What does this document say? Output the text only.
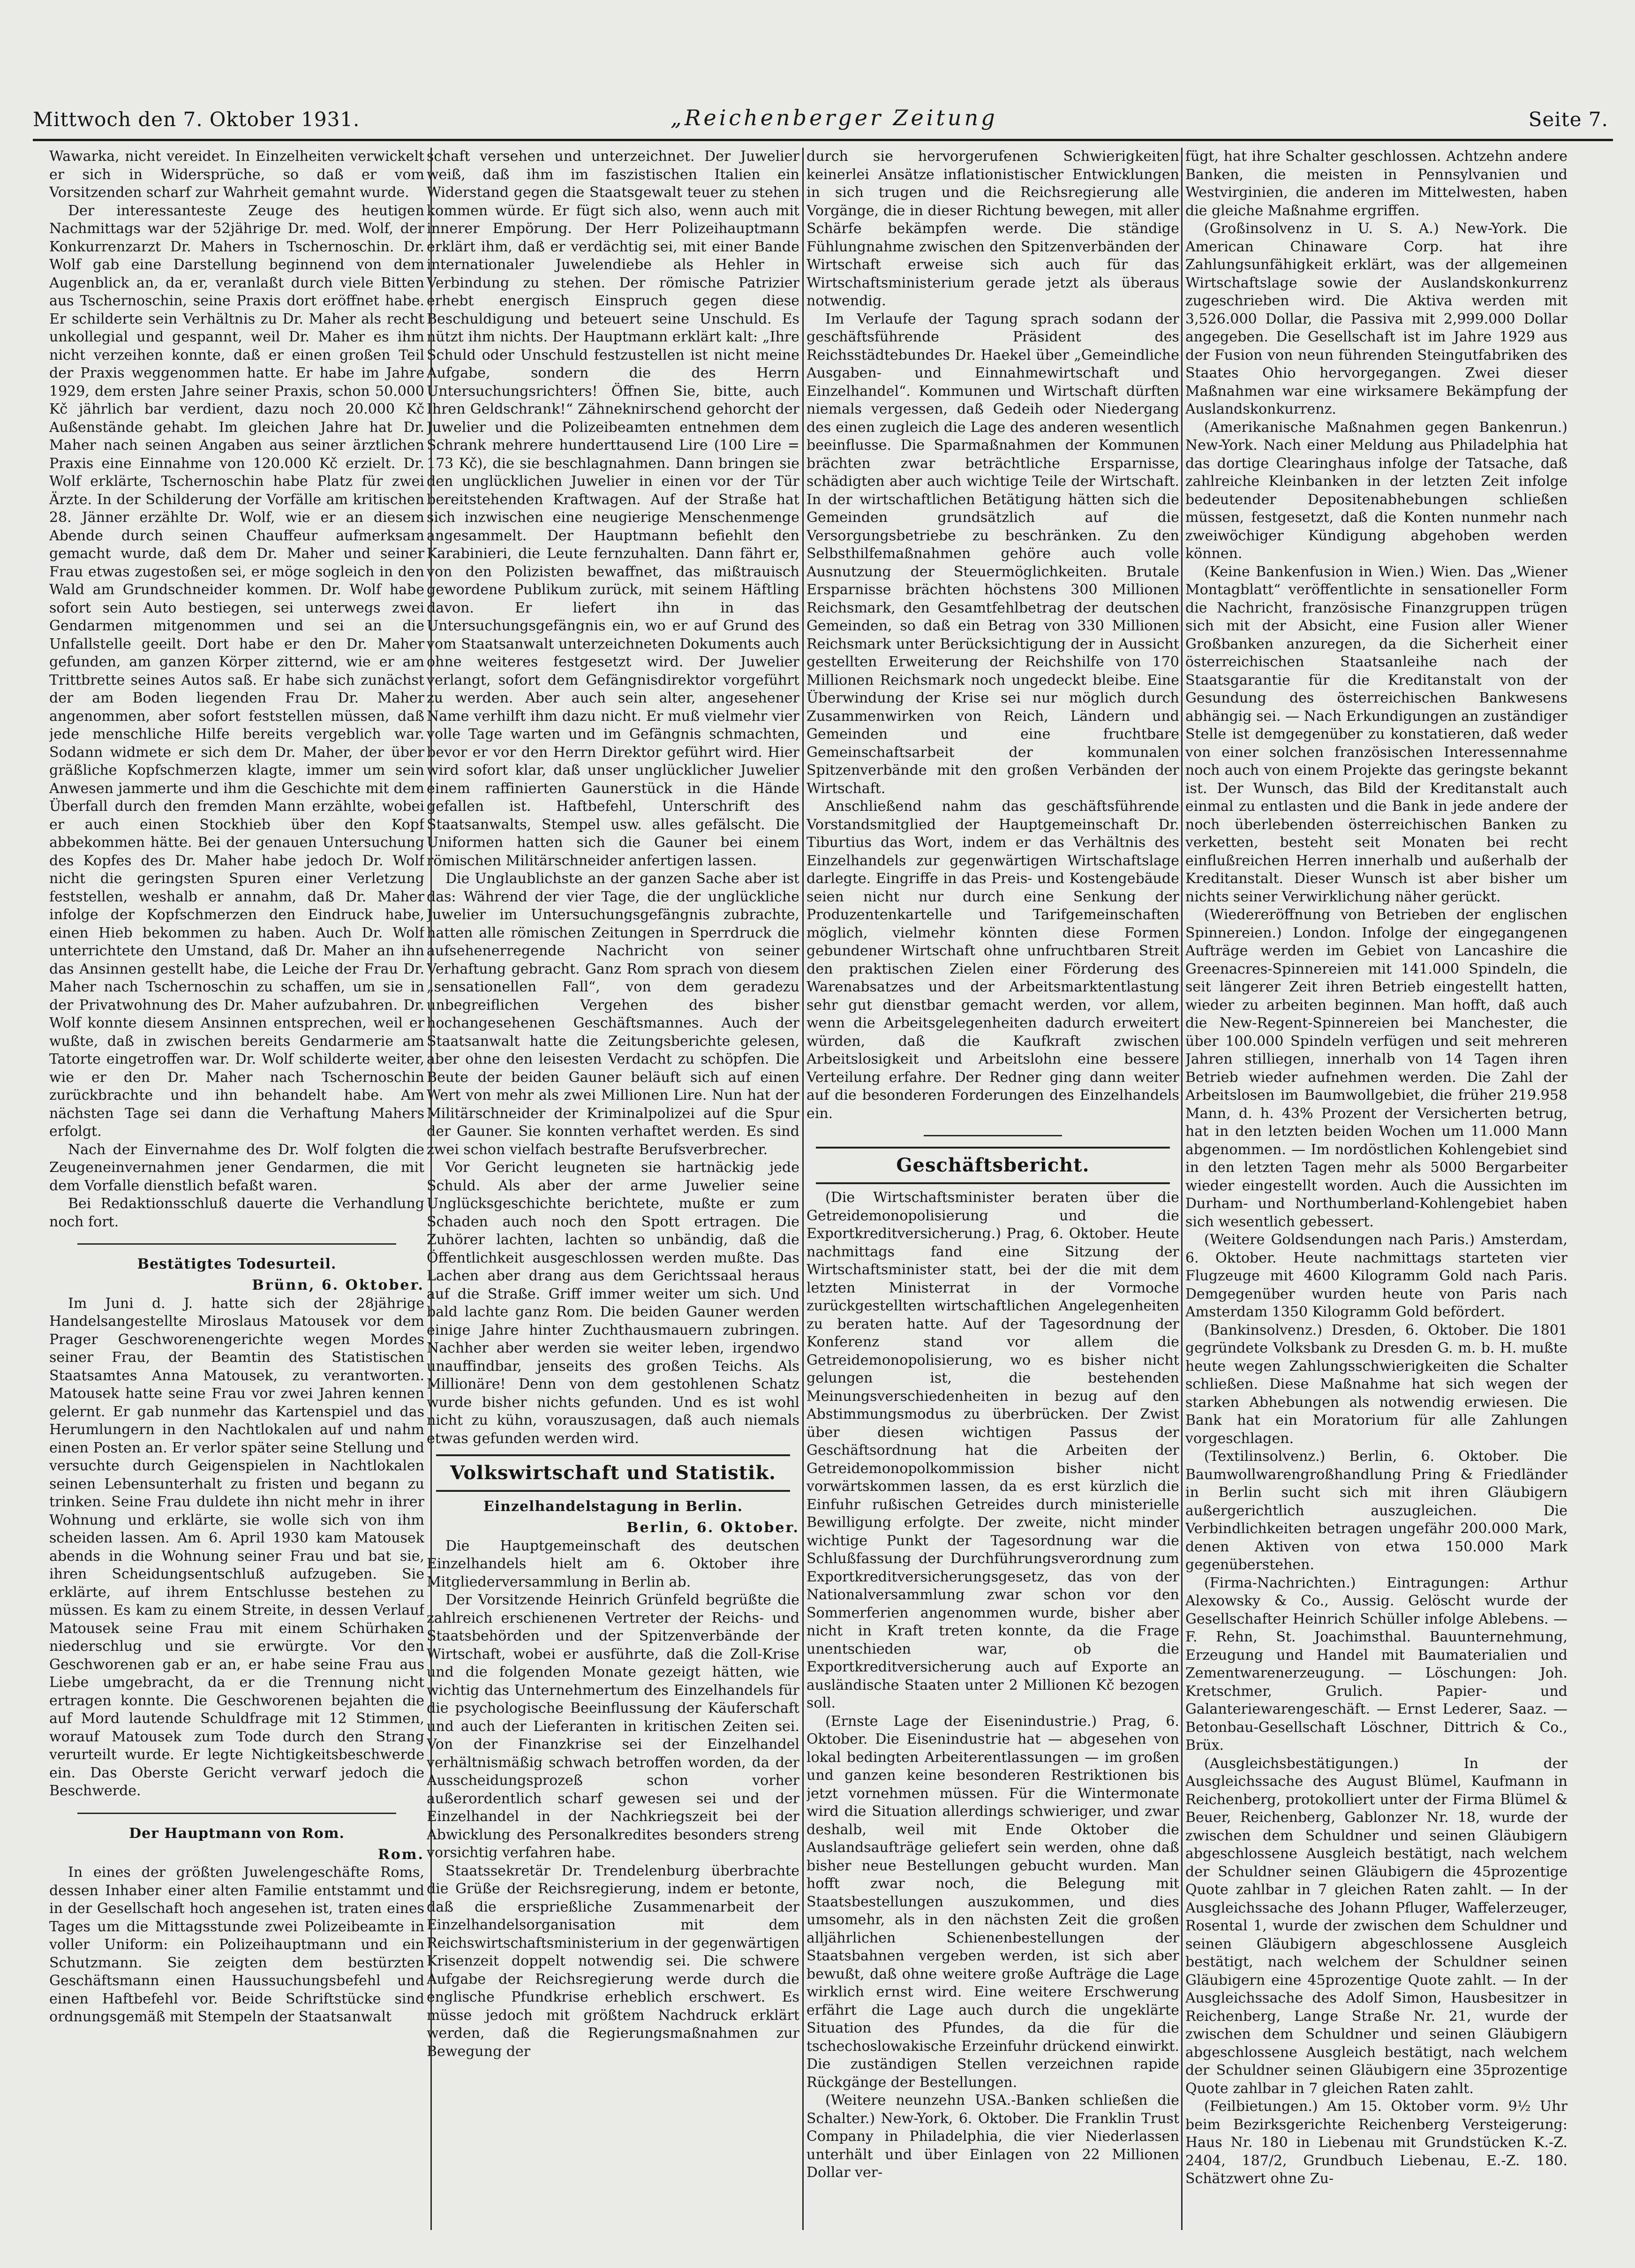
Mittwoch den 7. Oktober 1931.	„Reichenberger Zeitung	Seite 7.

Wawarka, nicht vereidet. In Einzelheiten verwickelt er sich in Widersprüche, so daß er vom Vorsitzenden scharf zur Wahrheit gemahnt wurde.

Der interessanteste Zeuge des heutigen Nachmittags war der 52jährige Dr. med. Wolf, der Konkurrenzarzt Dr. Mahers in Tschernoschin. Dr. Wolf gab eine Darstellung beginnend von dem Augenblick an, da er, veranlaßt durch viele Bitten aus Tschernoschin, seine Praxis dort eröffnet habe. Er schilderte sein Verhältnis zu Dr. Maher als recht unkollegial und gespannt, weil Dr. Maher es ihm nicht verzeihen konnte, daß er einen großen Teil der Praxis weggenommen hatte. Er habe im Jahre 1929, dem ersten Jahre seiner Praxis, schon 50.000 Kč jährlich bar verdient, dazu noch 20.000 Kč Außenstände gehabt. Im gleichen Jahre hat Dr. Maher nach seinen Angaben aus seiner ärztlichen Praxis eine Einnahme von 120.000 Kč erzielt. Dr. Wolf erklärte, Tschernoschin habe Platz für zwei Ärzte. In der Schilderung der Vorfälle am kritischen 28. Jänner erzählte Dr. Wolf, wie er an diesem Abende durch seinen Chauffeur aufmerksam gemacht wurde, daß dem Dr. Maher und seiner Frau etwas zugestoßen sei, er möge sogleich in den Wald am Grundschneider kommen. Dr. Wolf habe sofort sein Auto bestiegen, sei unterwegs zwei Gendarmen mitgenommen und sei an die Unfallstelle geeilt. Dort habe er den Dr. Maher gefunden, am ganzen Körper zitternd, wie er am Trittbrette seines Autos saß. Er habe sich zunächst der am Boden liegenden Frau Dr. Maher angenommen, aber sofort feststellen müssen, daß jede menschliche Hilfe bereits vergeblich war. Sodann widmete er sich dem Dr. Maher, der über gräßliche Kopfschmerzen klagte, immer um sein Anwesen jammerte und ihm die Geschichte mit dem Überfall durch den fremden Mann erzählte, wobei er auch einen Stockhieb über den Kopf abbekommen hätte. Bei der genauen Untersuchung des Kopfes des Dr. Maher habe jedoch Dr. Wolf nicht die geringsten Spuren einer Verletzung feststellen, weshalb er annahm, daß Dr. Maher infolge der Kopfschmerzen den Eindruck habe, einen Hieb bekommen zu haben. Auch Dr. Wolf unterrichtete den Umstand, daß Dr. Maher an ihn das Ansinnen gestellt habe, die Leiche der Frau Dr. Maher nach Tschernoschin zu schaffen, um sie in der Privatwohnung des Dr. Maher aufzubahren. Dr. Wolf konnte diesem Ansinnen entsprechen, weil er wußte, daß in zwischen bereits Gendarmerie am Tatorte eingetroffen war. Dr. Wolf schilderte weiter, wie er den Dr. Maher nach Tschernoschin zurückbrachte und ihn behandelt habe. Am nächsten Tage sei dann die Verhaftung Mahers erfolgt.

Nach der Einvernahme des Dr. Wolf folgten die Zeugeneinvernahmen jener Gendarmen, die mit dem Vorfalle dienstlich befaßt waren.

Bei Redaktionsschluß dauerte die Verhandlung noch fort.

Bestätigtes Todesurteil.

Brünn, 6. Oktober.

Im Juni d. J. hatte sich der 28jährige Handelsangestellte Miroslaus Matousek vor dem Prager Geschworenengerichte wegen Mordes seiner Frau, der Beamtin des Statistischen Staatsamtes Anna Matousek, zu verantworten. Matousek hatte seine Frau vor zwei Jahren kennen gelernt. Er gab nunmehr das Kartenspiel und das Herumlungern in den Nachtlokalen auf und nahm einen Posten an. Er verlor später seine Stellung und versuchte durch Geigenspielen in Nachtlokalen seinen Lebensunterhalt zu fristen und begann zu trinken. Seine Frau duldete ihn nicht mehr in ihrer Wohnung und erklärte, sie wolle sich von ihm scheiden lassen. Am 6. April 1930 kam Matousek abends in die Wohnung seiner Frau und bat sie, ihren Scheidungsentschluß aufzugeben. Sie erklärte, auf ihrem Entschlusse bestehen zu müssen. Es kam zu einem Streite, in dessen Verlauf Matousek seine Frau mit einem Schürhaken niederschlug und sie erwürgte. Vor den Geschworenen gab er an, er habe seine Frau aus Liebe umgebracht, da er die Trennung nicht ertragen konnte. Die Geschworenen bejahten die auf Mord lautende Schuldfrage mit 12 Stimmen, worauf Matousek zum Tode durch den Strang verurteilt wurde. Er legte Nichtigkeitsbeschwerde ein. Das Oberste Gericht verwarf jedoch die Beschwerde.

Der Hauptmann von Rom.

Rom.

In eines der größten Juwelengeschäfte Roms, dessen Inhaber einer alten Familie entstammt und in der Gesellschaft hoch angesehen ist, traten eines Tages um die Mittagsstunde zwei Polizeibeamte in voller Uniform: ein Polizeihauptmann und ein Schutzmann. Sie zeigten dem bestürzten Geschäftsmann einen Haussuchungsbefehl und einen Haftbefehl vor. Beide Schriftstücke sind ordnungsgemäß mit Stempeln der Staatsanwalt

schaft versehen und unterzeichnet. Der Juwelier weiß, daß ihm im faszistischen Italien ein Widerstand gegen die Staatsgewalt teuer zu stehen kommen würde. Er fügt sich also, wenn auch mit innerer Empörung. Der Herr Polizeihauptmann erklärt ihm, daß er verdächtig sei, mit einer Bande internationaler Juwelendiebe als Hehler in Verbindung zu stehen. Der römische Patrizier erhebt energisch Einspruch gegen diese Beschuldigung und beteuert seine Unschuld. Es nützt ihm nichts. Der Hauptmann erklärt kalt: „Ihre Schuld oder Unschuld festzustellen ist nicht meine Aufgabe, sondern die des Herrn Untersuchungsrichters! Öffnen Sie, bitte, auch Ihren Geldschrank!“ Zähneknirschend gehorcht der Juwelier und die Polizeibeamten entnehmen dem Schrank mehrere hunderttausend Lire (100 Lire = 173 Kč), die sie beschlagnahmen. Dann bringen sie den unglücklichen Juwelier in einen vor der Tür bereitstehenden Kraftwagen. Auf der Straße hat sich inzwischen eine neugierige Menschenmenge angesammelt. Der Hauptmann befiehlt den Karabinieri, die Leute fernzuhalten. Dann fährt er, von den Polizisten bewaffnet, das mißtrauisch gewordene Publikum zurück, mit seinem Häftling davon. Er liefert ihn in das Untersuchungsgefängnis ein, wo er auf Grund des vom Staatsanwalt unterzeichneten Dokuments auch ohne weiteres festgesetzt wird. Der Juwelier verlangt, sofort dem Gefängnisdirektor vorgeführt zu werden. Aber auch sein alter, angesehener Name verhilft ihm dazu nicht. Er muß vielmehr vier volle Tage warten und im Gefängnis schmachten, bevor er vor den Herrn Direktor geführt wird. Hier wird sofort klar, daß unser unglücklicher Juwelier einem raffinierten Gaunerstück in die Hände gefallen ist. Haftbefehl, Unterschrift des Staatsanwalts, Stempel usw. alles gefälscht. Die Uniformen hatten sich die Gauner bei einem römischen Militärschneider anfertigen lassen.

Die Unglaublichste an der ganzen Sache aber ist das: Während der vier Tage, die der unglückliche Juwelier im Untersuchungsgefängnis zubrachte, hatten alle römischen Zeitungen in Sperrdruck die aufsehenerregende Nachricht von seiner Verhaftung gebracht. Ganz Rom sprach von diesem „sensationellen Fall“, von dem geradezu unbegreiflichen Vergehen des bisher hochangesehenen Geschäftsmannes. Auch der Staatsanwalt hatte die Zeitungsberichte gelesen, aber ohne den leisesten Verdacht zu schöpfen. Die Beute der beiden Gauner beläuft sich auf einen Wert von mehr als zwei Millionen Lire. Nun hat der Militärschneider der Kriminalpolizei auf die Spur der Gauner. Sie konnten verhaftet werden. Es sind zwei schon vielfach bestrafte Berufsverbrecher.

Vor Gericht leugneten sie hartnäckig jede Schuld. Als aber der arme Juwelier seine Unglücksgeschichte berichtete, mußte er zum Schaden auch noch den Spott ertragen. Die Zuhörer lachten, lachten so unbändig, daß die Öffentlichkeit ausgeschlossen werden mußte. Das Lachen aber drang aus dem Gerichtssaal heraus auf die Straße. Griff immer weiter um sich. Und bald lachte ganz Rom. Die beiden Gauner werden einige Jahre hinter Zuchthausmauern zubringen. Nachher aber werden sie weiter leben, irgendwo unauffindbar, jenseits des großen Teichs. Als Millionäre! Denn von dem gestohlenen Schatz wurde bisher nichts gefunden. Und es ist wohl nicht zu kühn, vorauszusagen, daß auch niemals etwas gefunden werden wird.

Volkswirtschaft und Statistik.
Einzelhandelstagung in Berlin.

Berlin, 6. Oktober.

Die Hauptgemeinschaft des deutschen Einzelhandels hielt am 6. Oktober ihre Mitgliederversammlung in Berlin ab.

Der Vorsitzende Heinrich Grünfeld begrüßte die zahlreich erschienenen Vertreter der Reichs- und Staatsbehörden und der Spitzenverbände der Wirtschaft, wobei er ausführte, daß die Zoll-Krise und die folgenden Monate gezeigt hätten, wie wichtig das Unternehmertum des Einzelhandels für die psychologische Beeinflussung der Käuferschaft und auch der Lieferanten in kritischen Zeiten sei. Von der Finanzkrise sei der Einzelhandel verhältnismäßig schwach betroffen worden, da der Ausscheidungsprozeß schon vorher außerordentlich scharf gewesen sei und der Einzelhandel in der Nachkriegszeit bei der Abwicklung des Personalkredites besonders streng vorsichtig verfahren habe.

Staatssekretär Dr. Trendelenburg überbrachte die Grüße der Reichsregierung, indem er betonte, daß die ersprießliche Zusammenarbeit der Einzelhandelsorganisation mit dem Reichswirtschaftsministerium in der gegenwärtigen Krisenzeit doppelt notwendig sei. Die schwere Aufgabe der Reichsregierung werde durch die englische Pfundkrise erheblich erschwert. Es müsse jedoch mit größtem Nachdruck erklärt werden, daß die Regierungsmaßnahmen zur Bewegung der

durch sie hervorgerufenen Schwierigkeiten keinerlei Ansätze inflationistischer Entwicklungen in sich trugen und die Reichsregierung alle Vorgänge, die in dieser Richtung bewegen, mit aller Schärfe bekämpfen werde. Die ständige Fühlungnahme zwischen den Spitzenverbänden der Wirtschaft erweise sich auch für das Wirtschaftsministerium gerade jetzt als überaus notwendig.

Im Verlaufe der Tagung sprach sodann der geschäftsführende Präsident des Reichsstädtebundes Dr. Haekel über „Gemeindliche Ausgaben- und Einnahmewirtschaft und Einzelhandel“. Kommunen und Wirtschaft dürften niemals vergessen, daß Gedeih oder Niedergang des einen zugleich die Lage des anderen wesentlich beeinflusse. Die Sparmaßnahmen der Kommunen brächten zwar beträchtliche Ersparnisse, schädigten aber auch wichtige Teile der Wirtschaft. In der wirtschaftlichen Betätigung hätten sich die Gemeinden grundsätzlich auf die Versorgungsbetriebe zu beschränken. Zu den Selbsthilfemaßnahmen gehöre auch volle Ausnutzung der Steuermöglichkeiten. Brutale Ersparnisse brächten höchstens 300 Millionen Reichsmark, den Gesamtfehlbetrag der deutschen Gemeinden, so daß ein Betrag von 330 Millionen Reichsmark unter Berücksichtigung der in Aussicht gestellten Erweiterung der Reichshilfe von 170 Millionen Reichsmark noch ungedeckt bleibe. Eine Überwindung der Krise sei nur möglich durch Zusammenwirken von Reich, Ländern und Gemeinden und eine fruchtbare Gemeinschaftsarbeit der kommunalen Spitzenverbände mit den großen Verbänden der Wirtschaft.

Anschließend nahm das geschäftsführende Vorstandsmitglied der Hauptgemeinschaft Dr. Tiburtius das Wort, indem er das Verhältnis des Einzelhandels zur gegenwärtigen Wirtschaftslage darlegte. Eingriffe in das Preis- und Kostengebäude seien nicht nur durch eine Senkung der Produzentenkartelle und Tarifgemeinschaften möglich, vielmehr könnten diese Formen gebundener Wirtschaft ohne unfruchtbaren Streit den praktischen Zielen einer Förderung des Warenabsatzes und der Arbeitsmarktentlastung sehr gut dienstbar gemacht werden, vor allem, wenn die Arbeitsgelegenheiten dadurch erweitert würden, daß die Kaufkraft zwischen Arbeitslosigkeit und Arbeitslohn eine bessere Verteilung erfahre. Der Redner ging dann weiter auf die besonderen Forderungen des Einzelhandels ein.

Geschäftsbericht.

(Die Wirtschaftsminister beraten über die Getreidemonopolisierung und die Exportkreditversicherung.) Prag, 6. Oktober. Heute nachmittags fand eine Sitzung der Wirtschaftsminister statt, bei der die mit dem letzten Ministerrat in der Vormoche zurückgestellten wirtschaftlichen Angelegenheiten zu beraten hatte. Auf der Tagesordnung der Konferenz stand vor allem die Getreidemonopolisierung, wo es bisher nicht gelungen ist, die bestehenden Meinungsverschiedenheiten in bezug auf den Abstimmungsmodus zu überbrücken. Der Zwist über diesen wichtigen Passus der Geschäftsordnung hat die Arbeiten der Getreidemonopolkommission bisher nicht vorwärtskommen lassen, da es erst kürzlich die Einfuhr rußischen Getreides durch ministerielle Bewilligung erfolgte. Der zweite, nicht minder wichtige Punkt der Tagesordnung war die Schlußfassung der Durchführungsverordnung zum Exportkreditversicherungsgesetz, das von der Nationalversammlung zwar schon vor den Sommerferien angenommen wurde, bisher aber nicht in Kraft treten konnte, da die Frage unentschieden war, ob die Exportkreditversicherung auch auf Exporte an ausländische Staaten unter 2 Millionen Kč bezogen soll.

(Ernste Lage der Eisenindustrie.) Prag, 6. Oktober. Die Eisenindustrie hat — abgesehen von lokal bedingten Arbeiterentlassungen — im großen und ganzen keine besonderen Restriktionen bis jetzt vornehmen müssen. Für die Wintermonate wird die Situation allerdings schwieriger, und zwar deshalb, weil mit Ende Oktober die Auslandsaufträge geliefert sein werden, ohne daß bisher neue Bestellungen gebucht wurden. Man hofft zwar noch, die Belegung mit Staatsbestellungen auszukommen, und dies umsomehr, als in den nächsten Zeit die großen alljährlichen Schienenbestellungen der Staatsbahnen vergeben werden, ist sich aber bewußt, daß ohne weitere große Aufträge die Lage wirklich ernst wird. Eine weitere Erschwerung erfährt die Lage auch durch die ungeklärte Situation des Pfundes, da die für die tschechoslowakische Erzeinfuhr drückend einwirkt. Die zuständigen Stellen verzeichnen rapide Rückgänge der Bestellungen.

(Weitere neunzehn USA.-Banken schließen die Schalter.) New-York, 6. Oktober. Die Franklin Trust Company in Philadelphia, die vier Niederlassen unterhält und über Einlagen von 22 Millionen Dollar ver-

fügt, hat ihre Schalter geschlossen. Achtzehn andere Banken, die meisten in Pennsylvanien und Westvirginien, die anderen im Mittelwesten, haben die gleiche Maßnahme ergriffen.

(Großinsolvenz in U. S. A.) New-York. Die American Chinaware Corp. hat ihre Zahlungsunfähigkeit erklärt, was der allgemeinen Wirtschaftslage sowie der Auslandskonkurrenz zugeschrieben wird. Die Aktiva werden mit 3,526.000 Dollar, die Passiva mit 2,999.000 Dollar angegeben. Die Gesellschaft ist im Jahre 1929 aus der Fusion von neun führenden Steingutfabriken des Staates Ohio hervorgegangen. Zwei dieser Maßnahmen war eine wirksamere Bekämpfung der Auslandskonkurrenz.

(Amerikanische Maßnahmen gegen Bankenrun.) New-York. Nach einer Meldung aus Philadelphia hat das dortige Clearinghaus infolge der Tatsache, daß zahlreiche Kleinbanken in der letzten Zeit infolge bedeutender Depositenabhebungen schließen müssen, festgesetzt, daß die Konten nunmehr nach zweiwöchiger Kündigung abgehoben werden können.

(Keine Bankenfusion in Wien.) Wien. Das „Wiener Montagblatt“ veröffentlichte in sensationeller Form die Nachricht, französische Finanzgruppen trügen sich mit der Absicht, eine Fusion aller Wiener Großbanken anzuregen, da die Sicherheit einer österreichischen Staatsanleihe nach der Staatsgarantie für die Kreditanstalt von der Gesundung des österreichischen Bankwesens abhängig sei. — Nach Erkundigungen an zuständiger Stelle ist demgegenüber zu konstatieren, daß weder von einer solchen französischen Interessennahme noch auch von einem Projekte das geringste bekannt ist. Der Wunsch, das Bild der Kreditanstalt auch einmal zu entlasten und die Bank in jede andere der noch überlebenden österreichischen Banken zu verketten, besteht seit Monaten bei recht einflußreichen Herren innerhalb und außerhalb der Kreditanstalt. Dieser Wunsch ist aber bisher um nichts seiner Verwirklichung näher gerückt.

(Wiedereröffnung von Betrieben der englischen Spinnereien.) London. Infolge der eingegangenen Aufträge werden im Gebiet von Lancashire die Greenacres-Spinnereien mit 141.000 Spindeln, die seit längerer Zeit ihren Betrieb eingestellt hatten, wieder zu arbeiten beginnen. Man hofft, daß auch die New-Regent-Spinnereien bei Manchester, die über 100.000 Spindeln verfügen und seit mehreren Jahren stilliegen, innerhalb von 14 Tagen ihren Betrieb wieder aufnehmen werden. Die Zahl der Arbeitslosen im Baumwollgebiet, die früher 219.958 Mann, d. h. 43% Prozent der Versicherten betrug, hat in den letzten beiden Wochen um 11.000 Mann abgenommen. — Im nordöstlichen Kohlengebiet sind in den letzten Tagen mehr als 5000 Bergarbeiter wieder eingestellt worden. Auch die Aussichten im Durham- und Northumberland-Kohlengebiet haben sich wesentlich gebessert.

(Weitere Goldsendungen nach Paris.) Amsterdam, 6. Oktober. Heute nachmittags starteten vier Flugzeuge mit 4600 Kilogramm Gold nach Paris. Demgegenüber wurden heute von Paris nach Amsterdam 1350 Kilogramm Gold befördert.

(Bankinsolvenz.) Dresden, 6. Oktober. Die 1801 gegründete Volksbank zu Dresden G. m. b. H. mußte heute wegen Zahlungsschwierigkeiten die Schalter schließen. Diese Maßnahme hat sich wegen der starken Abhebungen als notwendig erwiesen. Die Bank hat ein Moratorium für alle Zahlungen vorgeschlagen.

(Textilinsolvenz.) Berlin, 6. Oktober. Die Baumwollwarengroßhandlung Pring & Friedländer in Berlin sucht sich mit ihren Gläubigern außergerichtlich auszugleichen. Die Verbindlichkeiten betragen ungefähr 200.000 Mark, denen Aktiven von etwa 150.000 Mark gegenüberstehen.

(Firma-Nachrichten.) Eintragungen: Arthur Alexowsky & Co., Aussig. Gelöscht wurde der Gesellschafter Heinrich Schüller infolge Ablebens. — F. Rehn, St. Joachimsthal. Bauunternehmung, Erzeugung und Handel mit Baumaterialien und Zementwarenerzeugung. — Löschungen: Joh. Kretschmer, Grulich. Papier- und Galanteriewarengeschäft. — Ernst Lederer, Saaz. — Betonbau-Gesellschaft Löschner, Dittrich & Co., Brüx.

(Ausgleichsbestätigungen.) In der Ausgleichssache des August Blümel, Kaufmann in Reichenberg, protokolliert unter der Firma Blümel & Beuer, Reichenberg, Gablonzer Nr. 18, wurde der zwischen dem Schuldner und seinen Gläubigern abgeschlossene Ausgleich bestätigt, nach welchem der Schuldner seinen Gläubigern die 45prozentige Quote zahlbar in 7 gleichen Raten zahlt. — In der Ausgleichssache des Johann Pfluger, Waffelerzeuger, Rosental 1, wurde der zwischen dem Schuldner und seinen Gläubigern abgeschlossene Ausgleich bestätigt, nach welchem der Schuldner seinen Gläubigern eine 45prozentige Quote zahlt. — In der Ausgleichssache des Adolf Simon, Hausbesitzer in Reichenberg, Lange Straße Nr. 21, wurde der zwischen dem Schuldner und seinen Gläubigern abgeschlossene Ausgleich bestätigt, nach welchem der Schuldner seinen Gläubigern eine 35prozentige Quote zahlbar in 7 gleichen Raten zahlt.

(Feilbietungen.) Am 15. Oktober vorm. 9½ Uhr beim Bezirksgerichte Reichenberg Versteigerung: Haus Nr. 180 in Liebenau mit Grundstücken K.-Z. 2404, 187/2, Grundbuch Liebenau, E.-Z. 180. Schätzwert ohne Zu-
